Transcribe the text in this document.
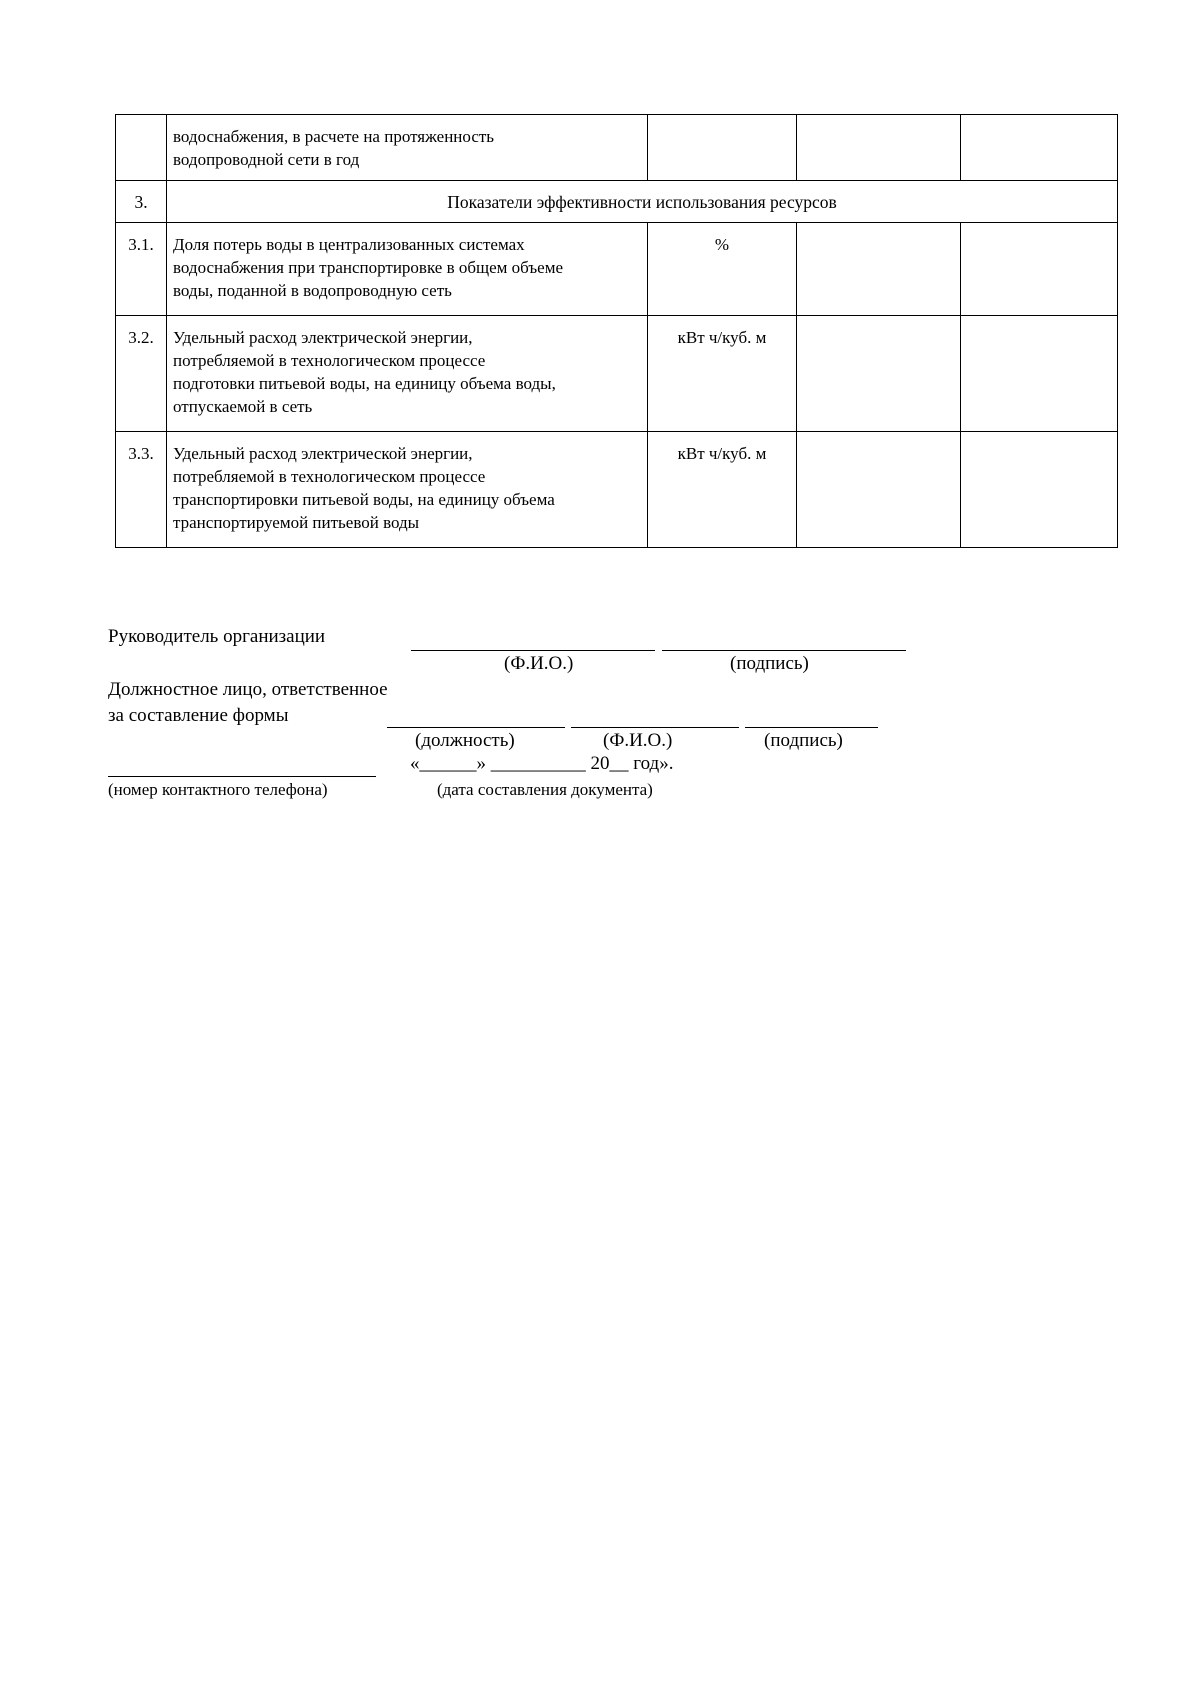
	водоснабжения, в расчете на протяженность
водопроводной сети в год			

3.	Показатели эффективности использования ресурсов			
3.1.	Доля потерь воды в централизованных системах
водоснабжения при транспортировке в общем объеме
воды, поданной в водопроводную сеть	%		
3.2.	Удельный расход электрической энергии,
потребляемой в технологическом процессе
подготовки питьевой воды, на единицу объема воды,
отпускаемой в сеть	кВт ч/куб. м		
3.3.	Удельный расход электрической энергии,
потребляемой в технологическом процессе
транспортировки питьевой воды, на единицу объема
транспортируемой питьевой воды	кВт ч/куб. м		
Руководитель организации
(Ф.И.О.)	(подпись)
Должностное лицо, ответственное
за составление формы
(должность)	(Ф.И.О.)	(подпись)
«______» __________ 20__ год».
(номер контактного телефона)	(дата составления документа)
